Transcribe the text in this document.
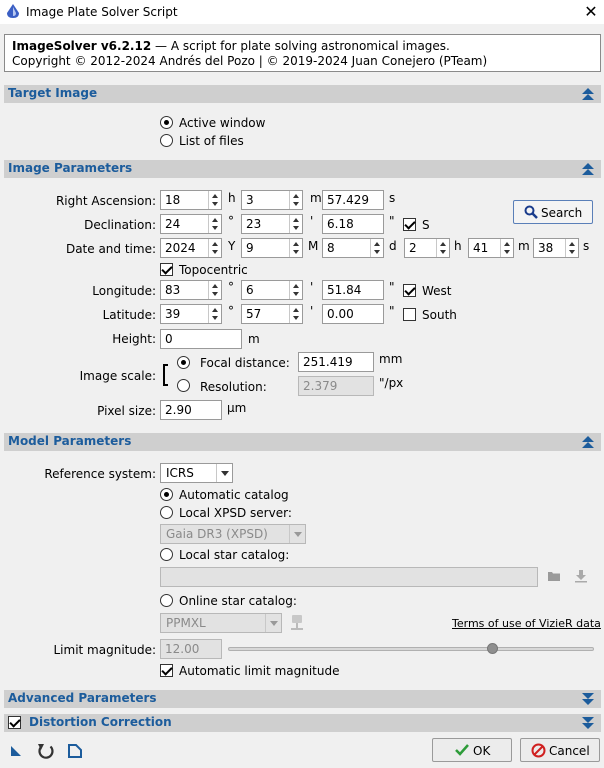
Image Plate Solver Script	✕
ImageSolver v6.2.12 — A script for plate solving astronomical images.
Copyright © 2012-2024 Andrés del Pozo | © 2019-2024 Juan Conejero (PTeam)
Target Image
Active window
List of files
Image Parameters
Right Ascension: 18	h 3	m 57.429	s
Search
Declination: 24	° 23	'	6.18	" S
Date and time: 2024	Y 9	M 8	d 2	h 41 m 38 s
Topocentric
Longitude: 83	° 6	'	51.84	" West
Latitude: 39	° 57	'	0.00	" South
Height: 0	m
Image scale:
Focal distance:	251.419	mm
Resolution:	2.379	"/px
Pixel size: 2.90	µm
Model Parameters
Reference system: ICRS
Automatic catalog
Local XPSD server:
Gaia DR3 (XPSD)
Local star catalog:
Online star catalog:
PPMXL	Terms of use of VizieR data
Limit magnitude: 12.00
Automatic limit magnitude
Advanced Parameters
Distortion Correction
OK	Cancel
